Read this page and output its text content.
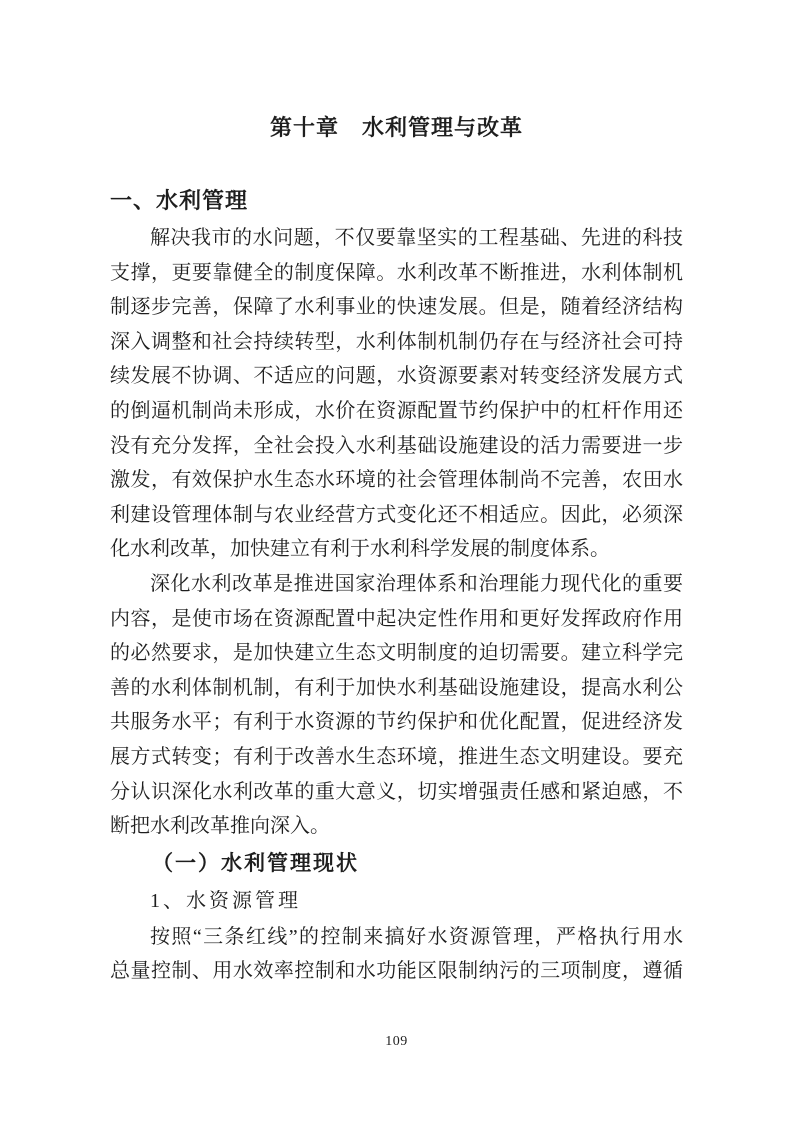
第十章　水利管理与改革
一、水利管理
解决我市的水问题，不仅要靠坚实的工程基础、先进的科技
支撑，更要靠健全的制度保障。水利改革不断推进，水利体制机
制逐步完善，保障了水利事业的快速发展。但是，随着经济结构
深入调整和社会持续转型，水利体制机制仍存在与经济社会可持
续发展不协调、不适应的问题，水资源要素对转变经济发展方式
的倒逼机制尚未形成，水价在资源配置节约保护中的杠杆作用还
没有充分发挥，全社会投入水利基础设施建设的活力需要进一步
激发，有效保护水生态水环境的社会管理体制尚不完善，农田水
利建设管理体制与农业经营方式变化还不相适应。因此，必须深
化水利改革，加快建立有利于水利科学发展的制度体系。
深化水利改革是推进国家治理体系和治理能力现代化的重要
内容，是使市场在资源配置中起决定性作用和更好发挥政府作用
的必然要求，是加快建立生态文明制度的迫切需要。建立科学完
善的水利体制机制，有利于加快水利基础设施建设，提高水利公
共服务水平；有利于水资源的节约保护和优化配置，促进经济发
展方式转变；有利于改善水生态环境，推进生态文明建设。要充
分认识深化水利改革的重大意义，切实增强责任感和紧迫感，不
断把水利改革推向深入。
（一）水利管理现状
1、水资源管理
按照“三条红线”的控制来搞好水资源管理，严格执行用水
总量控制、用水效率控制和水功能区限制纳污的三项制度，遵循
109
